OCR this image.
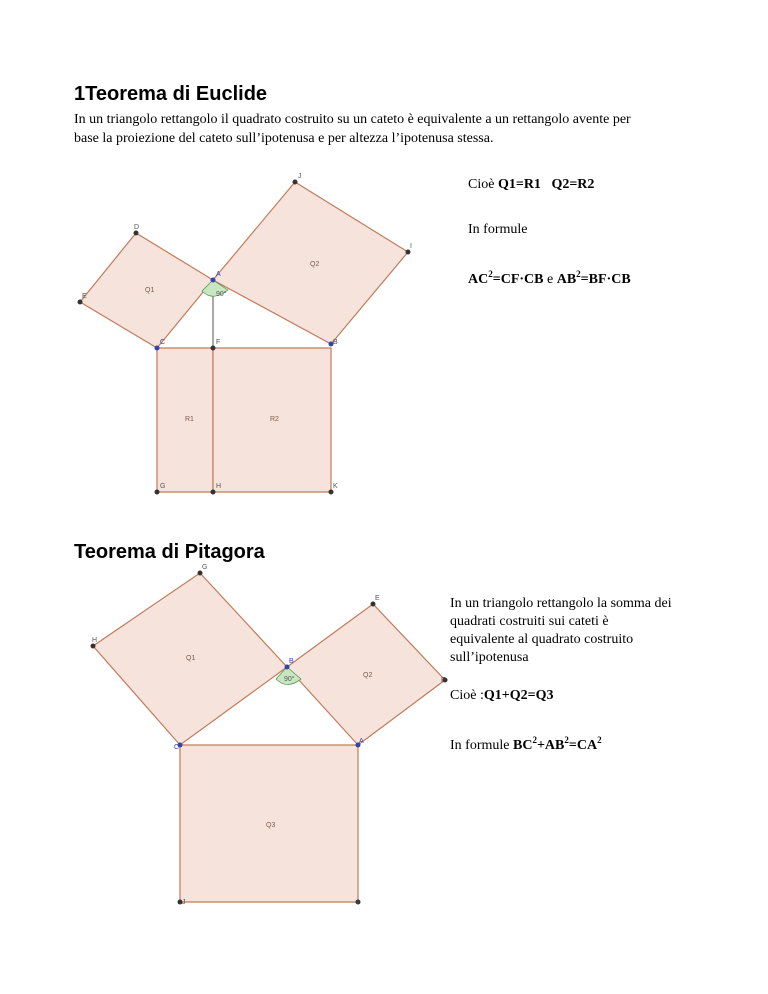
1Teorema di Euclide

In un triangolo rettangolo il quadrato costruito su un cateto è equivalente a un rettangolo avente per

base la proiezione del cateto sull’ipotenusa e per altezza l’ipotenusa stessa.

Cioè Q1=R1 Q2=R2

In formule

$AC^2=CF\cdot CB$ e $AB^2=BF\cdot CB$

90°
Q1
Q2
R1	R2
J
D
I
A
E
C	F	B
G	H	K
Teorema di Pitagora

In un triangolo rettangolo la somma dei

quadrati costruiti sui cateti è

equivalente al quadrato costruito

sull’ipotenusa

Cioè :Q1+Q2=Q3

In formule $BC^2+AB^2=CA^2$

90°
Q1
Q2
Q3
G
E
H
B
F
C
A
J	I
